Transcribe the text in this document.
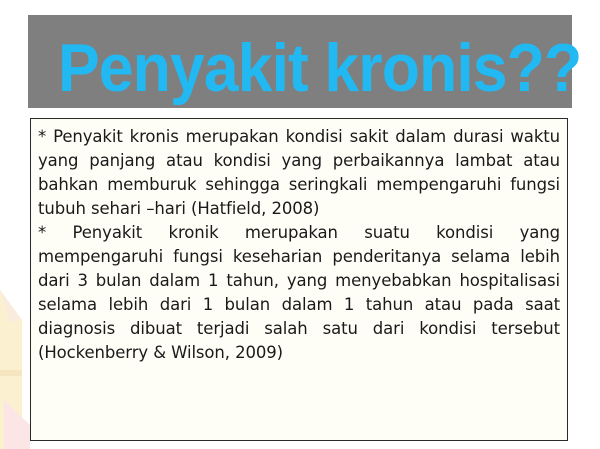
Penyakit kronis??

* Penyakit kronis merupakan kondisi sakit dalam durasi waktu yang panjang atau kondisi yang perbaikannya lambat atau bahkan memburuk sehingga seringkali mempengaruhi fungsi tubuh sehari –hari (Hatfield, 2008)

* Penyakit kronik merupakan suatu kondisi yang mempengaruhi fungsi keseharian penderitanya selama lebih dari 3 bulan dalam 1 tahun, yang menyebabkan hospitalisasi selama lebih dari 1 bulan dalam 1 tahun atau pada saat diagnosis dibuat terjadi salah satu dari kondisi tersebut (Hockenberry & Wilson, 2009)
